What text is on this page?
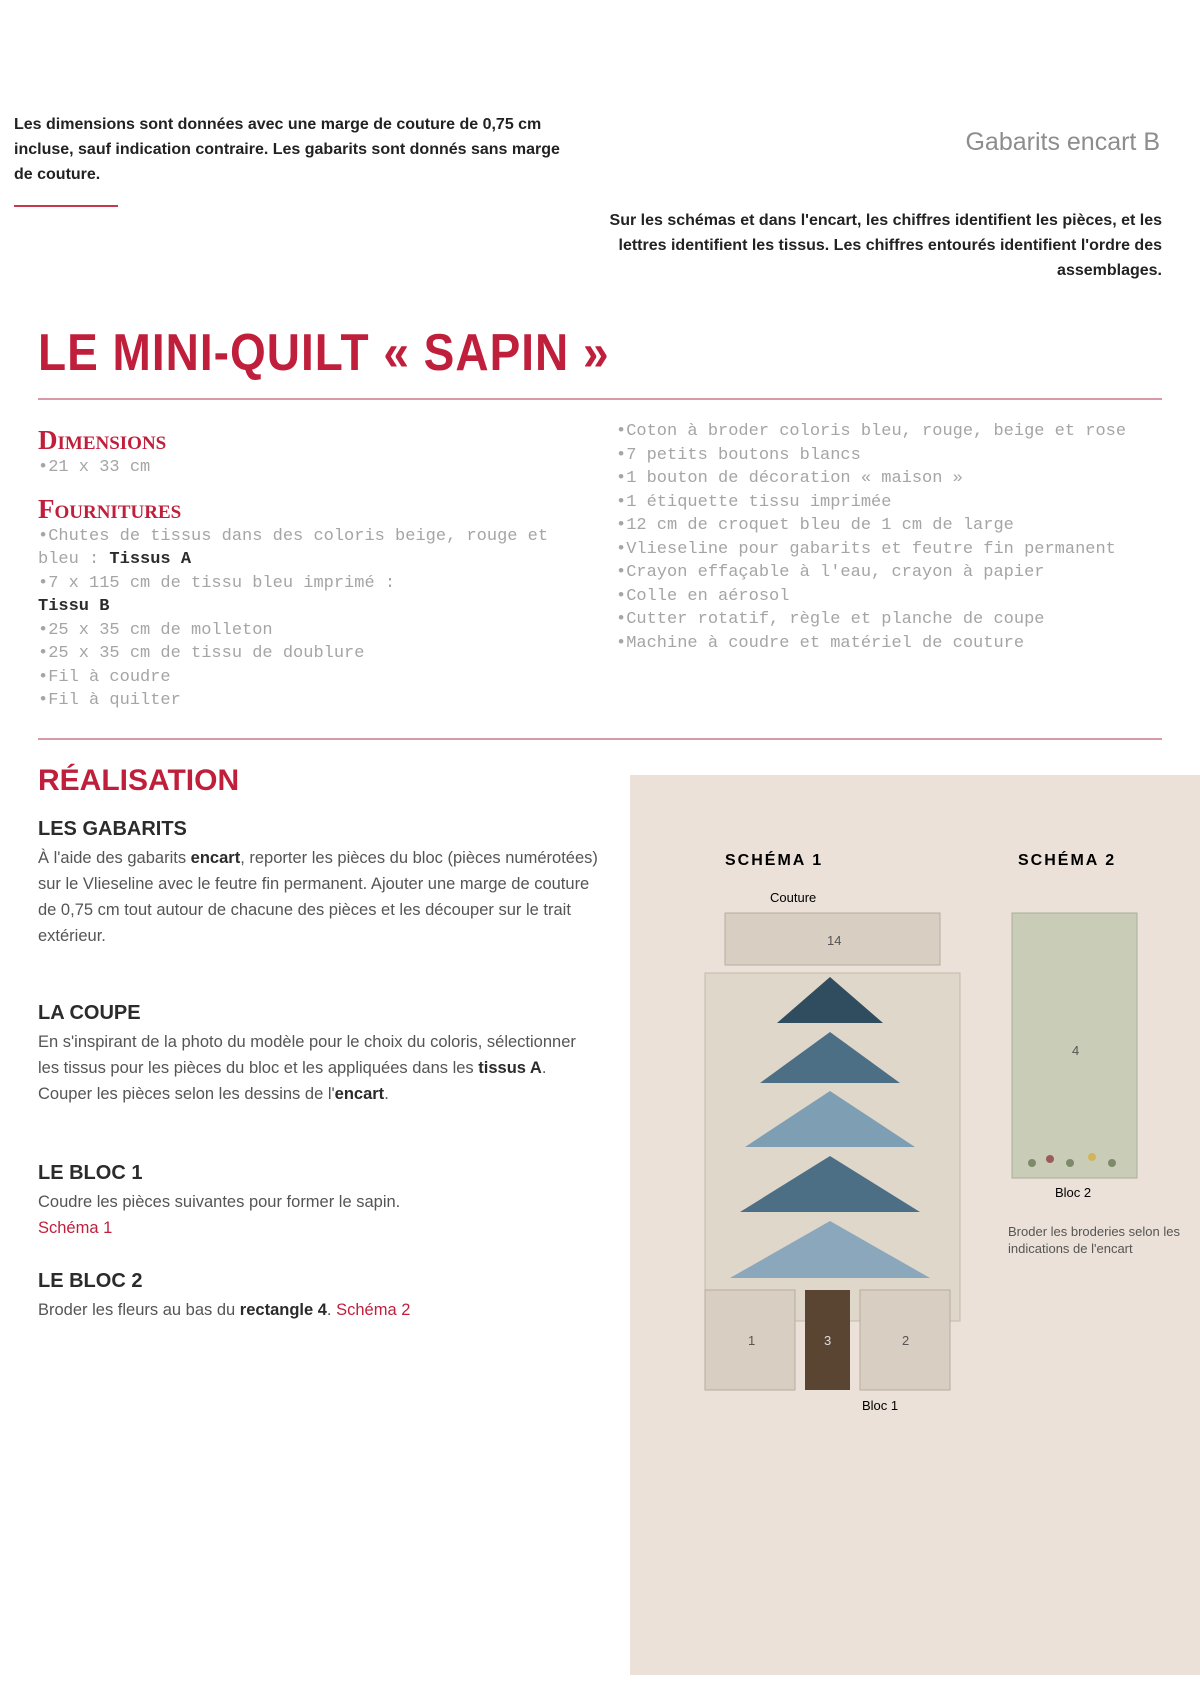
Les dimensions sont données avec une marge de couture de 0,75 cm incluse, sauf indication contraire. Les gabarits sont donnés sans marge de couture.
Gabarits encart B
Sur les schémas et dans l'encart, les chiffres identifient les pièces, et les lettres identifient les tissus. Les chiffres entourés identifient l'ordre des assemblages.
LE MINI-QUILT « SAPIN »
Dimensions
•21 x 33 cm
Fournitures
•Chutes de tissus dans des coloris beige, rouge et bleu : Tissus A
•7 x 115 cm de tissu bleu imprimé :
Tissu B
•25 x 35 cm de molleton
•25 x 35 cm de tissu de doublure
•Fil à coudre
•Fil à quilter
•Coton à broder coloris bleu, rouge, beige et rose
•7 petits boutons blancs
•1 bouton de décoration « maison »
•1 étiquette tissu imprimée
•12 cm de croquet bleu de 1 cm de large
•Vlieseline pour gabarits et feutre fin permanent
•Crayon effaçable à l'eau, crayon à papier
•Colle en aérosol
•Cutter rotatif, règle et planche de coupe
•Machine à coudre et matériel de couture
RÉALISATION
LES GABARITS

À l'aide des gabarits encart, reporter les pièces du bloc (pièces numérotées) sur le Vlieseline avec le feutre fin permanent. Ajouter une marge de couture de 0,75 cm tout autour de chacune des pièces et les découper sur le trait extérieur.

LA COUPE

En s'inspirant de la photo du modèle pour le choix du coloris, sélectionner les tissus pour les pièces du bloc et les appliquées dans les tissus A.
Couper les pièces selon les dessins de l'encart.

LE BLOC 1

Coudre les pièces suivantes pour former le sapin.
Schéma 1

LE BLOC 2

Broder les fleurs au bas du rectangle 4. Schéma 2

SCHÉMA 1	SCHÉMA 2
Couture
14
1	3	2
Bloc 1
4
Bloc 2
Broder les broderies selon les indications de l'encart
